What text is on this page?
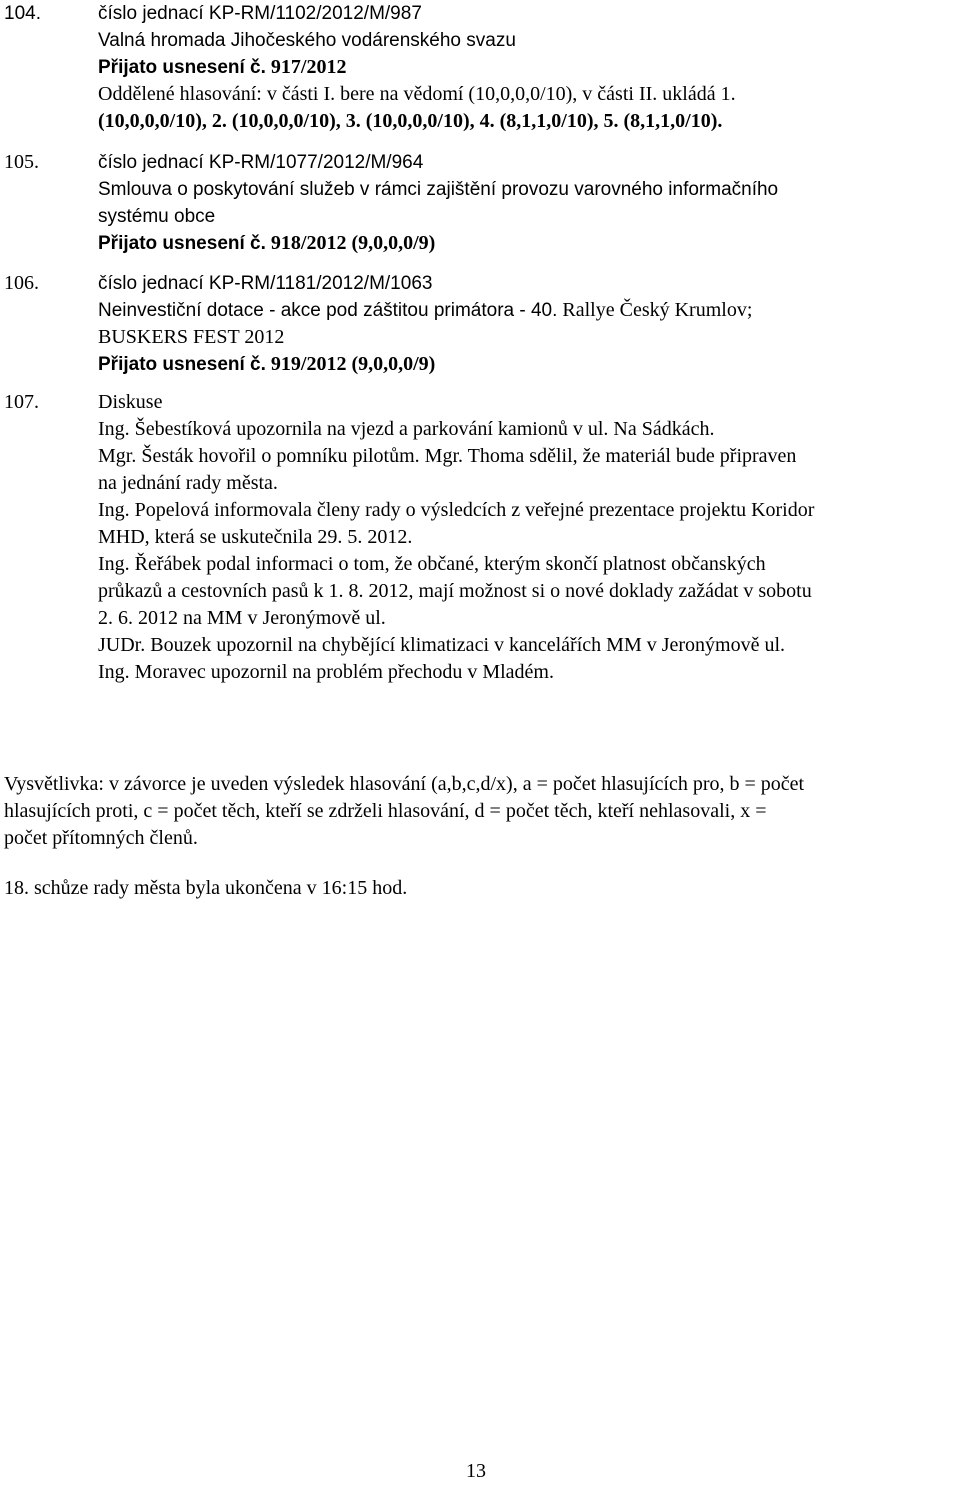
104.	číslo jednací KP-RM/1102/2012/M/987
Valná hromada Jihočeského vodárenského svazu
Přijato usnesení č. 917/2012
Oddělené hlasování: v části I. bere na vědomí (10,0,0,0/10), v části II. ukládá 1.
(10,0,0,0/10), 2. (10,0,0,0/10), 3. (10,0,0,0/10), 4. (8,1,1,0/10), 5. (8,1,1,0/10).
105.	číslo jednací KP-RM/1077/2012/M/964
Smlouva o poskytování služeb v rámci zajištění provozu varovného informačního
systému obce
Přijato usnesení č. 918/2012 (9,0,0,0/9)
106.	číslo jednací KP-RM/1181/2012/M/1063
Neinvestiční dotace - akce pod záštitou primátora - 40. Rallye Český Krumlov;
BUSKERS FEST 2012
Přijato usnesení č. 919/2012 (9,0,0,0/9)
107.	Diskuse
Ing. Šebestíková upozornila na vjezd a parkování kamionů v ul. Na Sádkách.
Mgr. Šesták hovořil o pomníku pilotům. Mgr. Thoma sdělil, že materiál bude připraven
na jednání rady města.
Ing. Popelová informovala členy rady o výsledcích z veřejné prezentace projektu Koridor
MHD, která se uskutečnila 29. 5. 2012.
Ing. Řeřábek podal informaci o tom, že občané, kterým skončí platnost občanských
průkazů a cestovních pasů k 1. 8. 2012, mají možnost si o nové doklady zažádat v sobotu
2. 6. 2012 na MM v Jeronýmově ul.
JUDr. Bouzek upozornil na chybějící klimatizaci v kancelářích MM v Jeronýmově ul.
Ing. Moravec upozornil na problém přechodu v Mladém.
Vysvětlivka: v závorce je uveden výsledek hlasování (a,b,c,d/x), a = počet hlasujících pro, b = počet
hlasujících proti, c = počet těch, kteří se zdrželi hlasování, d = počet těch, kteří nehlasovali, x =
počet přítomných členů.
18. schůze rady města byla ukončena v 16:15 hod.
13
